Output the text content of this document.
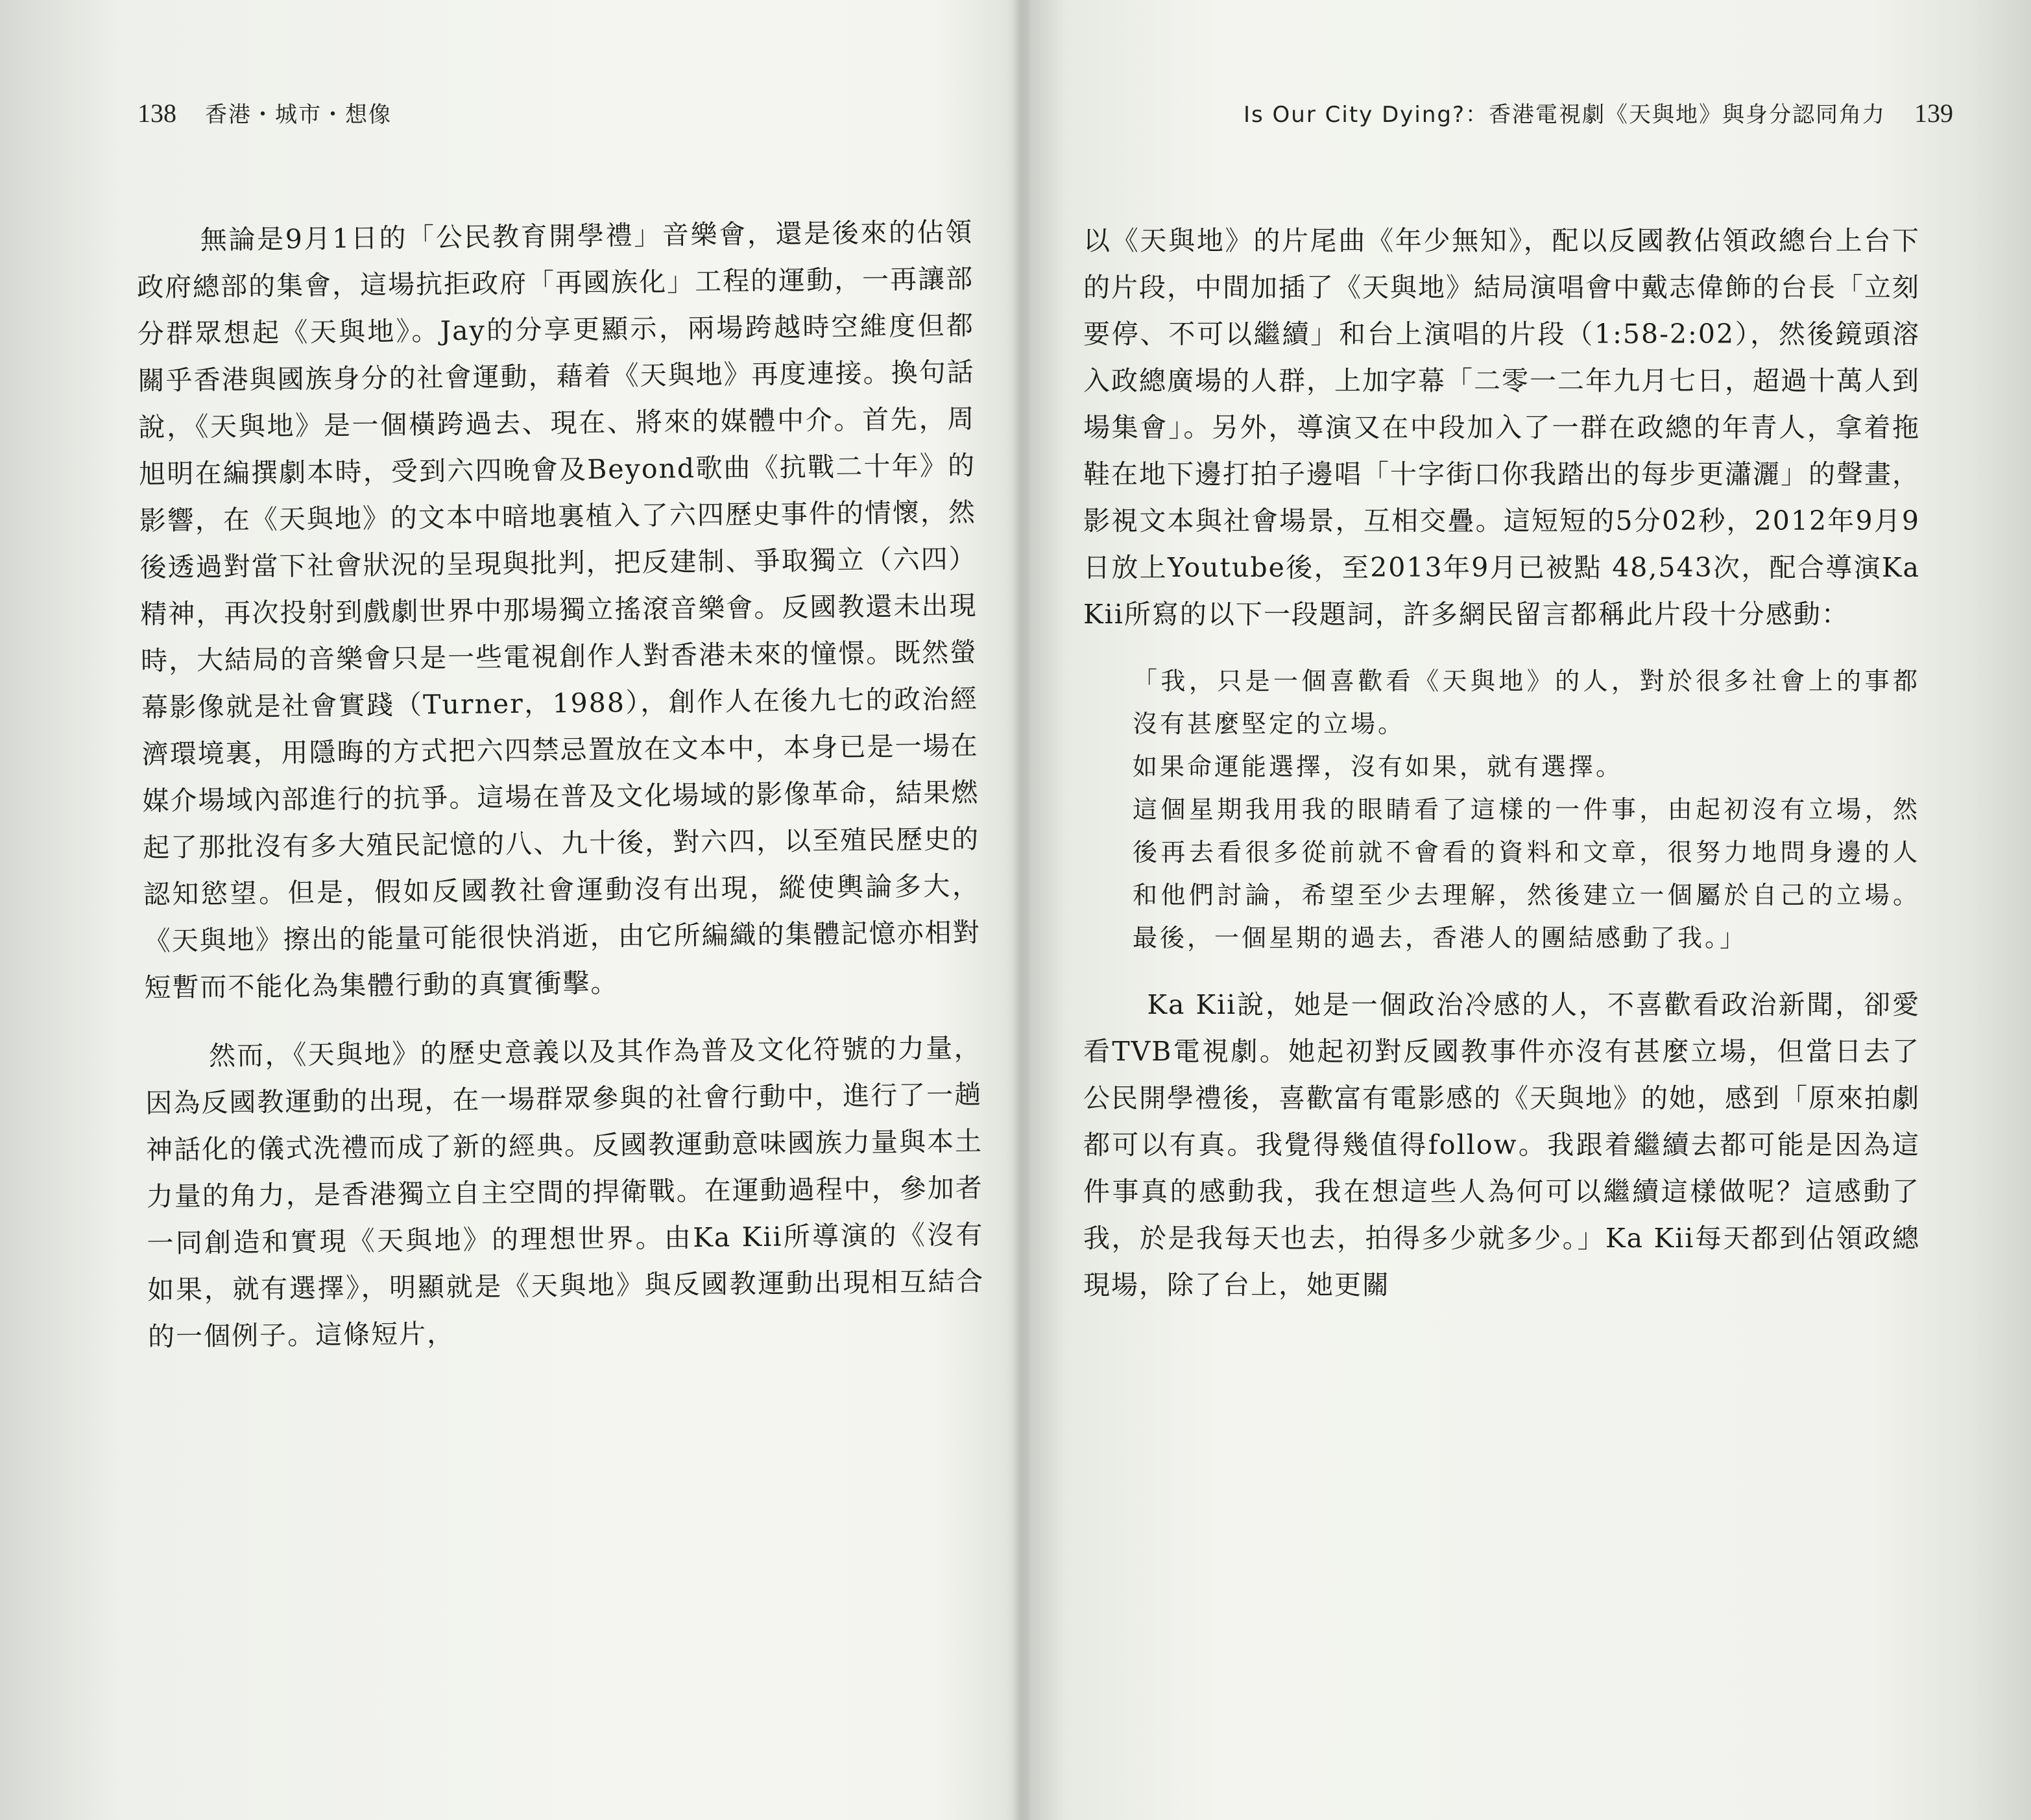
138 香港・城市・想像

無論是9月1日的「公民教育開學禮」音樂會，還是後來的佔領政府總部的集會，這場抗拒政府「再國族化」工程的運動，一再讓部分群眾想起《天與地》。Jay的分享更顯示，兩場跨越時空維度但都關乎香港與國族身分的社會運動，藉着《天與地》再度連接。換句話說，《天與地》是一個橫跨過去、現在、將來的媒體中介。首先，周旭明在編撰劇本時，受到六四晚會及Beyond歌曲《抗戰二十年》的影響，在《天與地》的文本中暗地裏植入了六四歷史事件的情懷，然後透過對當下社會狀況的呈現與批判，把反建制、爭取獨立（六四）精神，再次投射到戲劇世界中那場獨立搖滾音樂會。反國教還未出現時，大結局的音樂會只是一些電視創作人對香港未來的憧憬。既然螢幕影像就是社會實踐（Turner，1988），創作人在後九七的政治經濟環境裏，用隱晦的方式把六四禁忌置放在文本中，本身已是一場在媒介場域內部進行的抗爭。這場在普及文化場域的影像革命，結果燃起了那批沒有多大殖民記憶的八、九十後，對六四，以至殖民歷史的認知慾望。但是，假如反國教社會運動沒有出現，縱使輿論多大，《天與地》擦出的能量可能很快消逝，由它所編織的集體記憶亦相對短暫而不能化為集體行動的真實衝擊。

然而，《天與地》的歷史意義以及其作為普及文化符號的力量，因為反國教運動的出現，在一場群眾參與的社會行動中，進行了一趟神話化的儀式洗禮而成了新的經典。反國教運動意味國族力量與本土力量的角力，是香港獨立自主空間的捍衛戰。在運動過程中，參加者一同創造和實現《天與地》的理想世界。由Ka Kii所導演的《沒有如果，就有選擇》，明顯就是《天與地》與反國教運動出現相互結合的一個例子。這條短片，

Is Our City Dying?：香港電視劇《天與地》與身分認同角力 139

以《天與地》的片尾曲《年少無知》，配以反國教佔領政總台上台下的片段，中間加插了《天與地》結局演唱會中戴志偉飾的台長「立刻要停、不可以繼續」和台上演唱的片段（1:58-2:02），然後鏡頭溶入政總廣場的人群，上加字幕「二零一二年九月七日，超過十萬人到場集會」。另外，導演又在中段加入了一群在政總的年青人，拿着拖鞋在地下邊打拍子邊唱「十字街口你我踏出的每步更瀟灑」的聲畫，影視文本與社會場景，互相交疊。這短短的5分02秒，2012年9月9日放上Youtube後，至2013年9月已被點 48,543次，配合導演Ka Kii所寫的以下一段題詞，許多網民留言都稱此片段十分感動：

「我，只是一個喜歡看《天與地》的人，對於很多社會上的事都沒有甚麼堅定的立場。

如果命運能選擇，沒有如果，就有選擇。

這個星期我用我的眼睛看了這樣的一件事，由起初沒有立場，然後再去看很多從前就不會看的資料和文章，很努力地問身邊的人和他們討論，希望至少去理解，然後建立一個屬於自己的立場。最後，一個星期的過去，香港人的團結感動了我。」

Ka Kii說，她是一個政治冷感的人，不喜歡看政治新聞，卻愛看TVB電視劇。她起初對反國教事件亦沒有甚麼立場，但當日去了公民開學禮後，喜歡富有電影感的《天與地》的她，感到「原來拍劇都可以有真。我覺得幾值得follow。我跟着繼續去都可能是因為這件事真的感動我，我在想這些人為何可以繼續這樣做呢？這感動了我，於是我每天也去，拍得多少就多少。」Ka Kii每天都到佔領政總現場，除了台上，她更關
